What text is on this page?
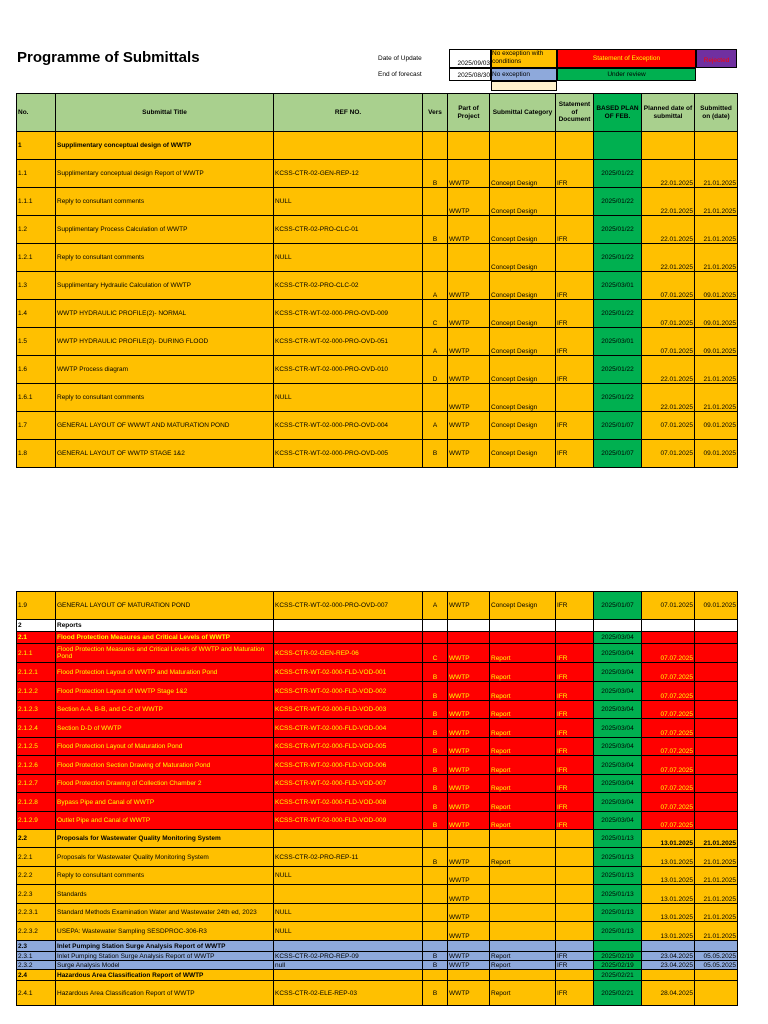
Programme of Submittals	Date of Update
End of forecast
2025/09/03
2025/08/30
No exception with conditions	Statement of Exception	Rejected
No exception	Under review
No.	Submittal Title	REF NO.	Vers	Part of Project	Submittal Category	Statement of Document	BASED PLAN OF FEB.	Planned date of submittal	Submitted on (date)
1	Supplimentary conceptual design of WWTP								
1.1	Supplimentary conceptual design Report of WWTP	KCSS-CTR-02-GEN-REP-12	B	WWTP	Concept Design	IFR	2025/01/22	22.01.2025	21.01.2025
1.1.1	Reply to consultant comments	NULL		WWTP	Concept Design		2025/01/22	22.01.2025	21.01.2025
1.2	Supplimentary Process Calculation of WWTP	KCSS-CTR-02-PRO-CLC-01	B	WWTP	Concept Design	IFR	2025/01/22	22.01.2025	21.01.2025
1.2.1	Reply to consultant comments	NULL			Concept Design		2025/01/22	22.01.2025	21.01.2025
1.3	Supplimentary Hydraulic Calculation of WWTP	KCSS-CTR-02-PRO-CLC-02	A	WWTP	Concept Design	IFR	2025/03/01	07.01.2025	09.01.2025
1.4	WWTP HYDRAULIC PROFILE(2)- NORMAL	KCSS-CTR-WT-02-000-PRO-OVD-009	C	WWTP	Concept Design	IFR	2025/01/22	07.01.2025	09.01.2025
1.5	WWTP HYDRAULIC PROFILE(2)- DURING FLOOD	KCSS-CTR-WT-02-000-PRO-OVD-051	A	WWTP	Concept Design	IFR	2025/03/01	07.01.2025	09.01.2025
1.6	WWTP Process diagram	KCSS-CTR-WT-02-000-PRO-OVD-010	D	WWTP	Concept Design	IFR	2025/01/22	22.01.2025	21.01.2025
1.6.1	Reply to consultant comments	NULL		WWTP	Concept Design		2025/01/22	22.01.2025	21.01.2025
1.7	GENERAL LAYOUT OF WWWT AND MATURATION POND	KCSS-CTR-WT-02-000-PRO-OVD-004	A	WWTP	Concept Design	IFR	2025/01/07	07.01.2025	09.01.2025
1.8	GENERAL LAYOUT OF WWTP STAGE 1&2	KCSS-CTR-WT-02-000-PRO-OVD-005	B	WWTP	Concept Design	IFR	2025/01/07	07.01.2025	09.01.2025
1.9	GENERAL LAYOUT OF MATURATION POND	KCSS-CTR-WT-02-000-PRO-OVD-007	A	WWTP	Concept Design	IFR	2025/01/07	07.01.2025	09.01.2025
2	Reports								
2.1	Flood Protection Measures and Critical Levels of WWTP						2025/03/04		
2.1.1	Flood Protection Measures and Critical Levels of WWTP and Maturation Pond	KCSS-CTR-02-GEN-REP-06	C	WWTP	Report	IFR	2025/03/04	07.07.2025	
2.1.2.1	Flood Protection Layout of WWTP and Maturation Pond	KCSS-CTR-WT-02-000-FLD-VOD-001	B	WWTP	Report	IFR	2025/03/04	07.07.2025	
2.1.2.2	Flood Protection Layout of WWTP Stage 1&2	KCSS-CTR-WT-02-000-FLD-VOD-002	B	WWTP	Report	IFR	2025/03/04	07.07.2025	
2.1.2.3	Section A-A, B-B, and C-C of WWTP	KCSS-CTR-WT-02-000-FLD-VOD-003	B	WWTP	Report	IFR	2025/03/04	07.07.2025	
2.1.2.4	Section D-D of WWTP	KCSS-CTR-WT-02-000-FLD-VOD-004	B	WWTP	Report	IFR	2025/03/04	07.07.2025	
2.1.2.5	Flood Protection Layout of Maturation Pond	KCSS-CTR-WT-02-000-FLD-VOD-005	B	WWTP	Report	IFR	2025/03/04	07.07.2025	
2.1.2.6	Flood Protection Section Drawing of Maturation Pond	KCSS-CTR-WT-02-000-FLD-VOD-006	B	WWTP	Report	IFR	2025/03/04	07.07.2025	
2.1.2.7	Flood Protection Drawing of Collection Chamber 2	KCSS-CTR-WT-02-000-FLD-VOD-007	B	WWTP	Report	IFR	2025/03/04	07.07.2025	
2.1.2.8	Bypass Pipe and Canal of WWTP	KCSS-CTR-WT-02-000-FLD-VOD-008	B	WWTP	Report	IFR	2025/03/04	07.07.2025	
2.1.2.9	Outlet Pipe and Canal of WWTP	KCSS-CTR-WT-02-000-FLD-VOD-009	B	WWTP	Report	IFR	2025/03/04	07.07.2025	
2.2	Proposals for Wastewater Quality Monitoring System						2025/01/13	13.01.2025	21.01.2025
2.2.1	Proposals for Wastewater Quality Monitoring System	KCSS-CTR-02-PRO-REP-11	B	WWTP	Report		2025/01/13	13.01.2025	21.01.2025
2.2.2	Reply to consultant comments	NULL		WWTP			2025/01/13	13.01.2025	21.01.2025
2.2.3	Standards			WWTP			2025/01/13	13.01.2025	21.01.2025
2.2.3.1	Standard Methods Examination Water and Wastewater 24th ed, 2023	NULL		WWTP			2025/01/13	13.01.2025	21.01.2025
2.2.3.2	USEPA: Wastewater Sampling SESDPROC-306-R3	NULL		WWTP			2025/01/13	13.01.2025	21.01.2025
2.3	Inlet Pumping Station Surge Analysis Report of WWTP								
2.3.1	Inlet Pumping Station Surge Analysis Report of WWTP	KCSS-CTR-02-PRO-REP-09	B	WWTP	Report	IFR	2025/02/19	23.04.2025	05.05.2025
2.3.2	Surge Analysis Model	null	B	WWTP	Report	IFR	2025/02/19	23.04.2025	05.05.2025
2.4	Hazardous Area Classification Report of WWTP						2025/02/21		
2.4.1	Hazardous Area Classification Report of WWTP	KCSS-CTR-02-ELE-REP-03	B	WWTP	Report	IFR	2025/02/21	28.04.2025	
